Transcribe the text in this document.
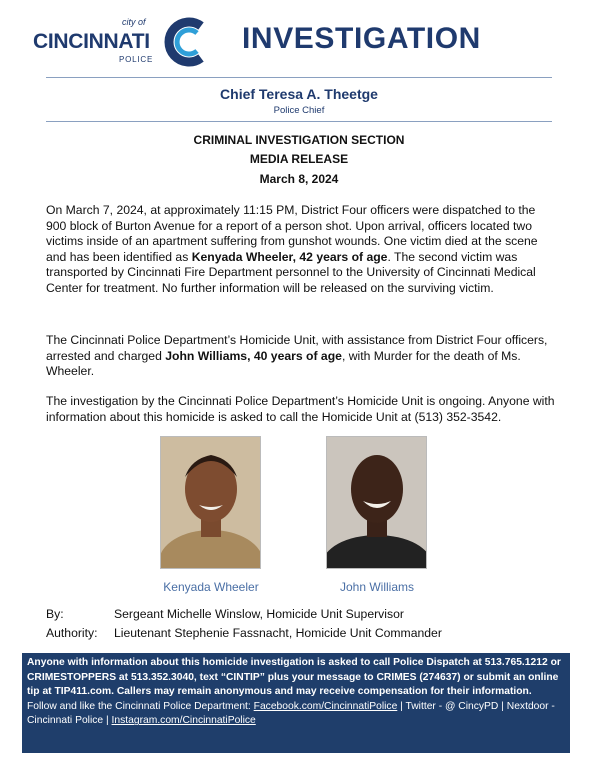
city of
CINCINNATI
POLICE
INVESTIGATION
Chief Teresa A. Theetge
Police Chief
CRIMINAL INVESTIGATION SECTION
MEDIA RELEASE
March 8, 2024
On March 7, 2024, at approximately 11:15 PM, District Four officers were dispatched to the 900 block of Burton Avenue for a report of a person shot. Upon arrival, officers located two victims inside of an apartment suffering from gunshot wounds. One victim died at the scene and has been identified as Kenyada Wheeler, 42 years of age. The second victim was transported by Cincinnati Fire Department personnel to the University of Cincinnati Medical Center for treatment. No further information will be released on the surviving victim.
The Cincinnati Police Department’s Homicide Unit, with assistance from District Four officers, arrested and charged John Williams, 40 years of age, with Murder for the death of Ms. Wheeler.
The investigation by the Cincinnati Police Department’s Homicide Unit is ongoing. Anyone with information about this homicide is asked to call the Homicide Unit at (513) 352-3542.
Kenyada Wheeler	John Williams
By:	Sergeant Michelle Winslow, Homicide Unit Supervisor
Authority: Lieutenant Stephenie Fassnacht, Homicide Unit Commander
Anyone with information about this homicide investigation is asked to call Police Dispatch at 513.765.1212 or CRIMESTOPPERS at 513.352.3040, text “CINTIP” plus your message to CRIMES (274637) or submit an online tip at TIP411.com. Callers may remain anonymous and may receive compensation for their information.
Follow and like the Cincinnati Police Department: Facebook.com/CincinnatiPolice | Twitter - @ CincyPD | Nextdoor - Cincinnati Police | Instagram.com/CincinnatiPolice
